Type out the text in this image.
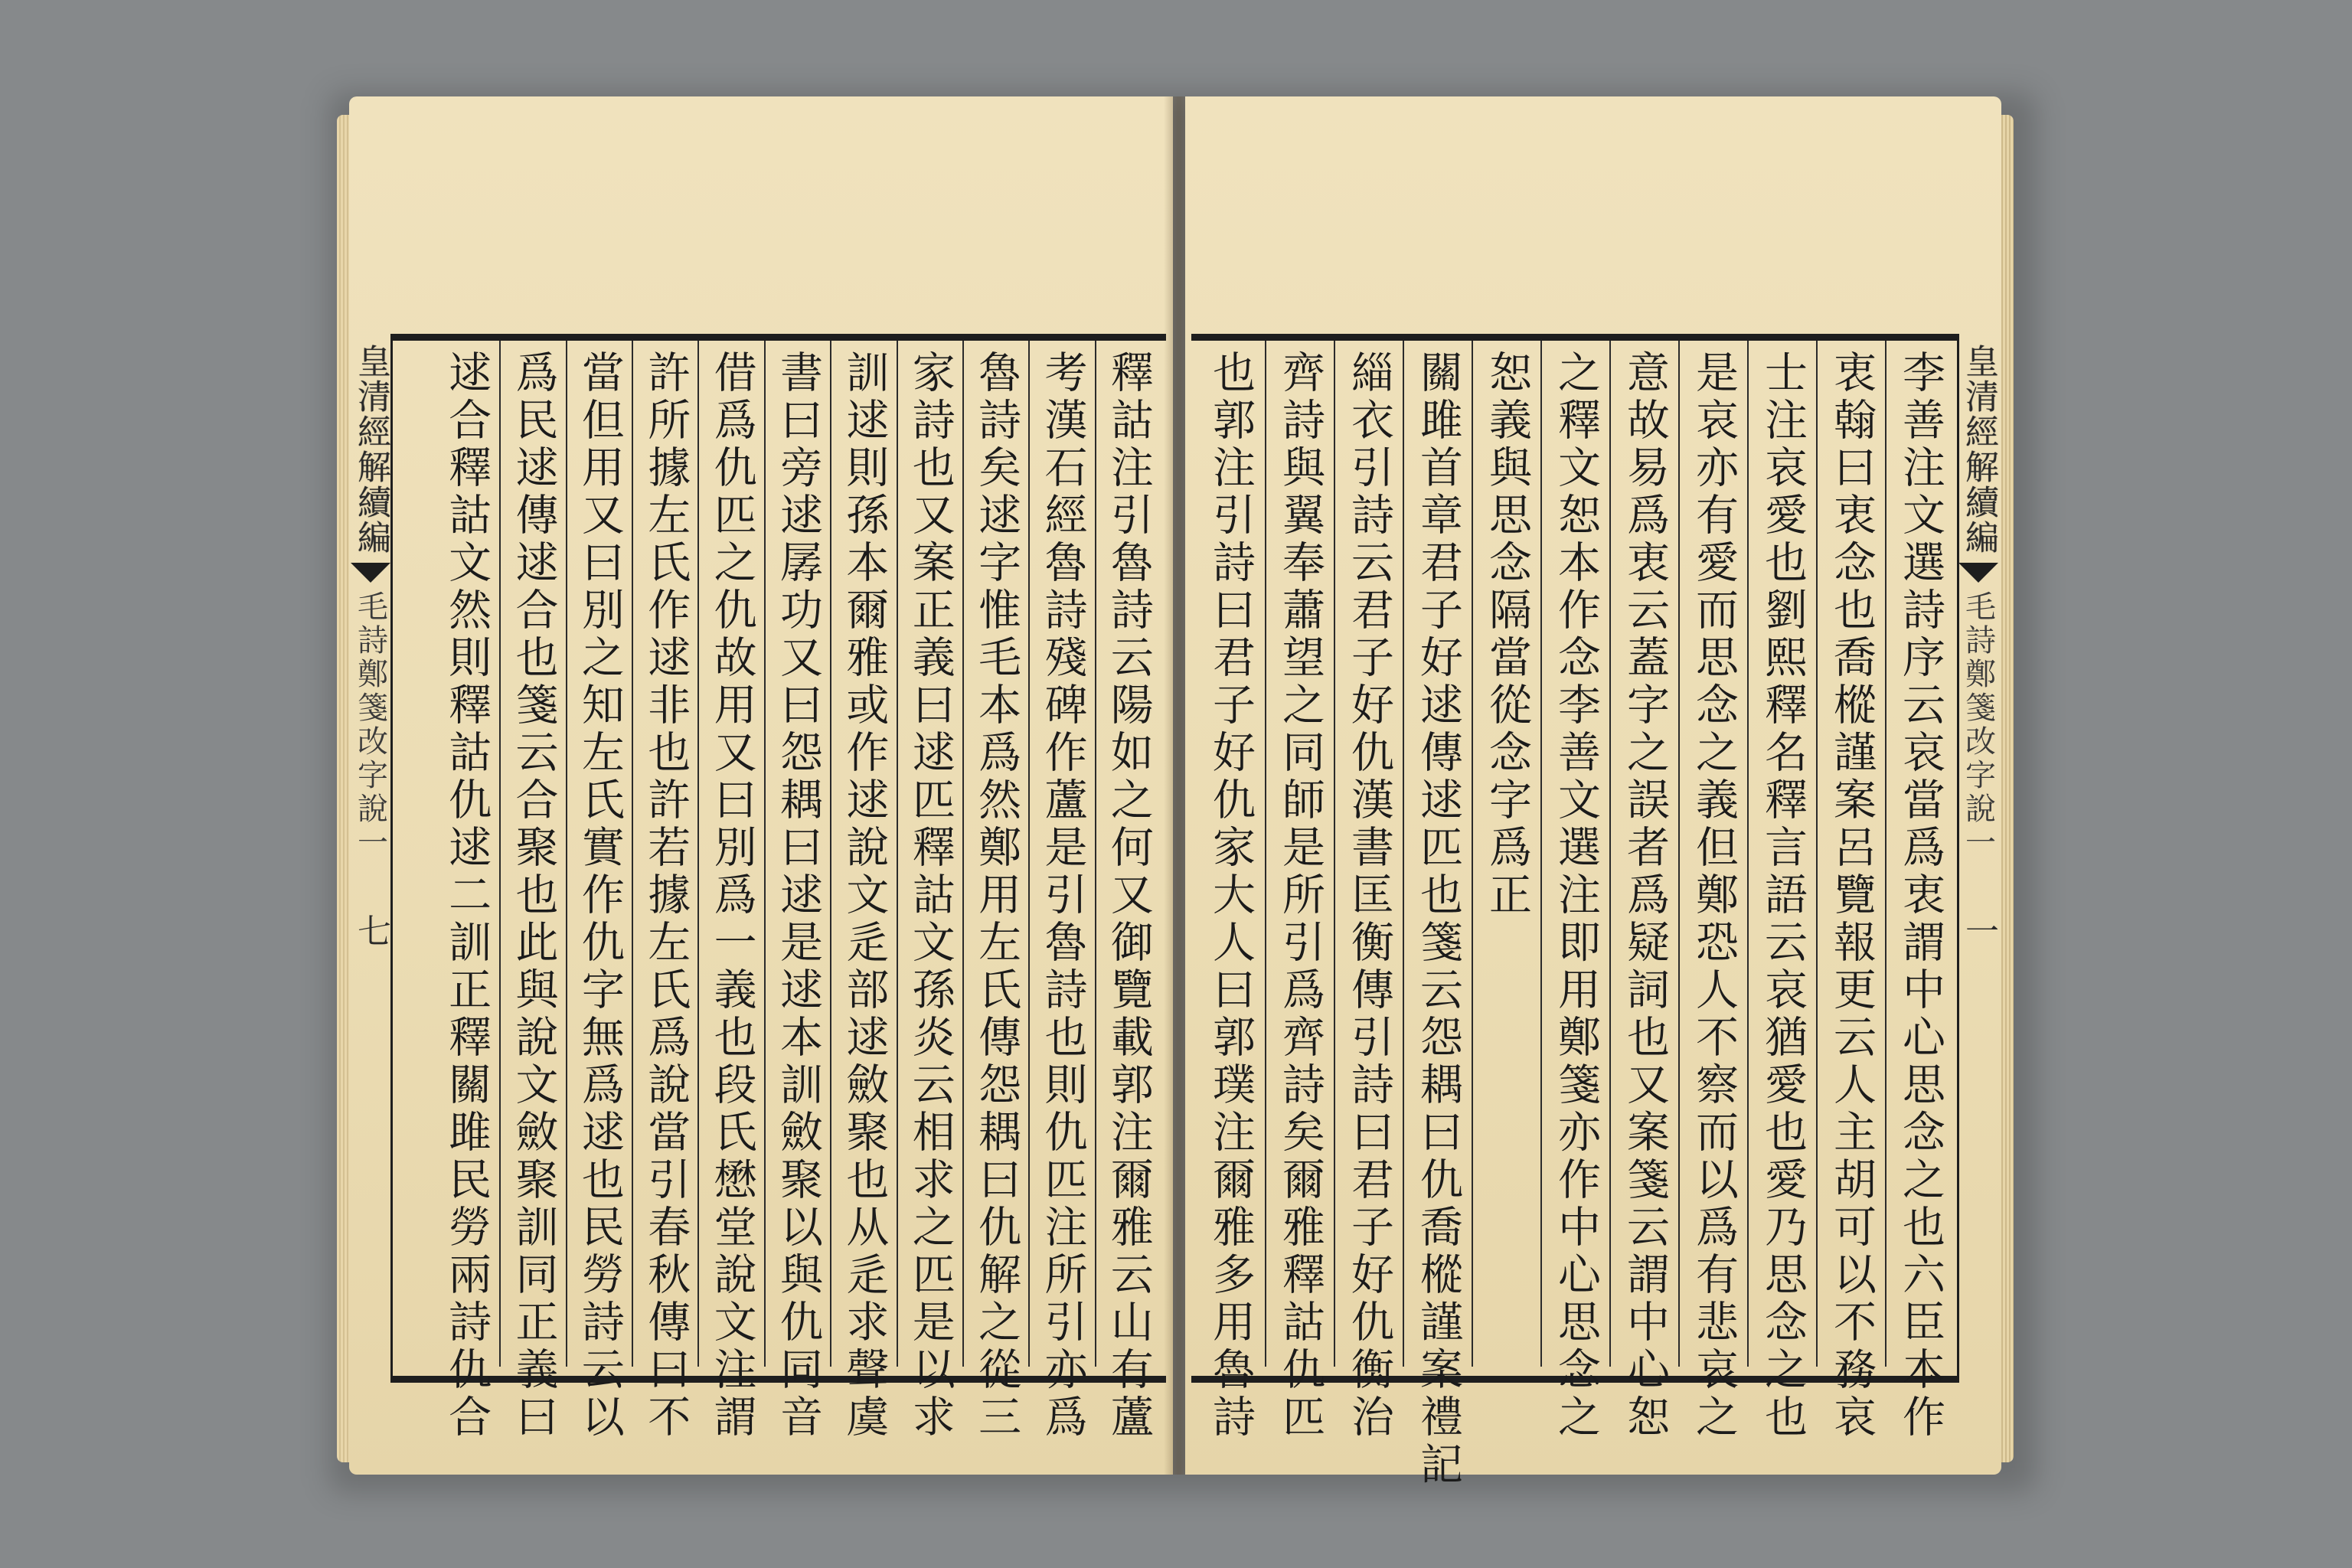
皇清經解續編
毛詩鄭箋改字說一
七	釋詁注引魯詩云陽如之何又御覽載郭注爾雅云山有蘆
考漢石經魯詩殘碑作蘆是引魯詩也則仇匹注所引亦爲
魯詩矣逑字惟毛本爲然鄭用左氏傳怨耦曰仇解之從三
家詩也又案正義曰逑匹釋詁文孫炎云相求之匹是以求
訓逑則孫本爾雅或作逑說文辵部逑斂聚也从辵求聲虞
書曰旁逑孱功又曰怨耦曰逑是逑本訓斂聚以與仇同音
借爲仇匹之仇故用又曰別爲一義也段氏懋堂說文注謂
許所據左氏作逑非也許若據左氏爲說當引春秋傳曰不
當但用又曰別之知左氏實作仇字無爲逑也民勞詩云以
爲民逑傳逑合也箋云合聚也此與說文斂聚訓同正義曰
逑合釋詁文然則釋詁仇逑二訓正釋關雎民勞兩詩仇合	皇清經解續編
毛詩鄭箋改字說一
一
李善注文選詩序云哀當爲衷謂中心思念之也六臣本作
衷翰曰衷念也喬樅謹案呂覽報更云人主胡可以不務哀
士注哀愛也劉熙釋名釋言語云哀猶愛也愛乃思念之也
是哀亦有愛而思念之義但鄭恐人不察而以爲有悲哀之
意故易爲衷云蓋字之誤者爲疑詞也又案箋云謂中心恕
之釋文恕本作念李善文選注即用鄭箋亦作中心思念之
恕義與思念隔當從念字爲正
關雎首章君子好逑傳逑匹也箋云怨耦曰仇喬樅謹案禮記
緇衣引詩云君子好仇漢書匡衡傳引詩曰君子好仇衡治
齊詩與翼奉蕭望之同師是所引爲齊詩矣爾雅釋詁仇匹
也郭注引詩曰君子好仇家大人曰郭璞注爾雅多用魯詩
